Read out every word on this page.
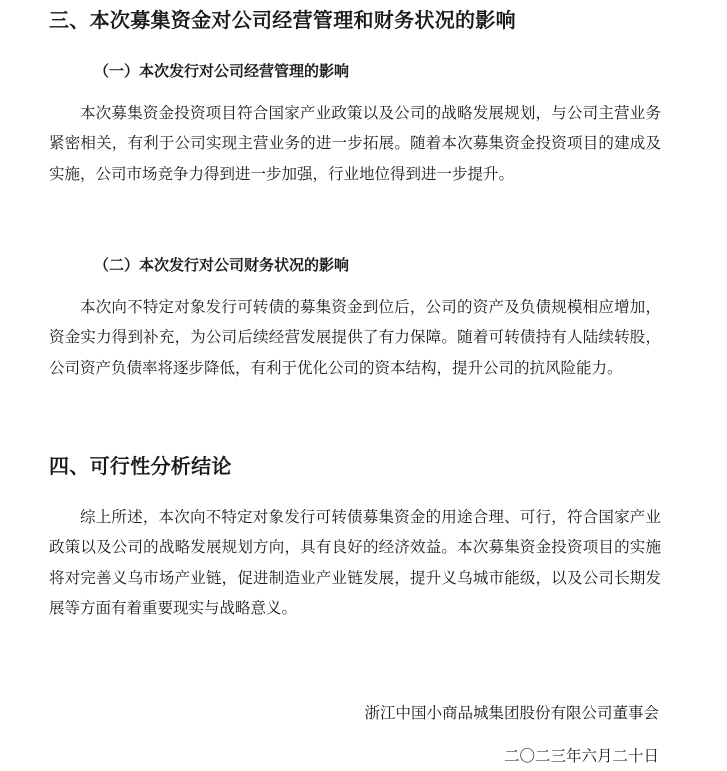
三、本次募集资金对公司经营管理和财务状况的影响
（一）本次发行对公司经营管理的影响

本次募集资金投资项目符合国家产业政策以及公司的战略发展规划，与公司主营业务紧密相关，有利于公司实现主营业务的进一步拓展。随着本次募集资金投资项目的建成及实施，公司市场竞争力得到进一步加强，行业地位得到进一步提升。

（二）本次发行对公司财务状况的影响

本次向不特定对象发行可转债的募集资金到位后，公司的资产及负债规模相应增加，资金实力得到补充，为公司后续经营发展提供了有力保障。随着可转债持有人陆续转股，公司资产负债率将逐步降低，有利于优化公司的资本结构，提升公司的抗风险能力。

四、可行性分析结论

综上所述，本次向不特定对象发行可转债募集资金的用途合理、可行，符合国家产业政策以及公司的战略发展规划方向，具有良好的经济效益。本次募集资金投资项目的实施将对完善义乌市场产业链，促进制造业产业链发展，提升义乌城市能级，以及公司长期发展等方面有着重要现实与战略意义。

浙江中国小商品城集团股份有限公司董事会
二〇二三年六月二十日
